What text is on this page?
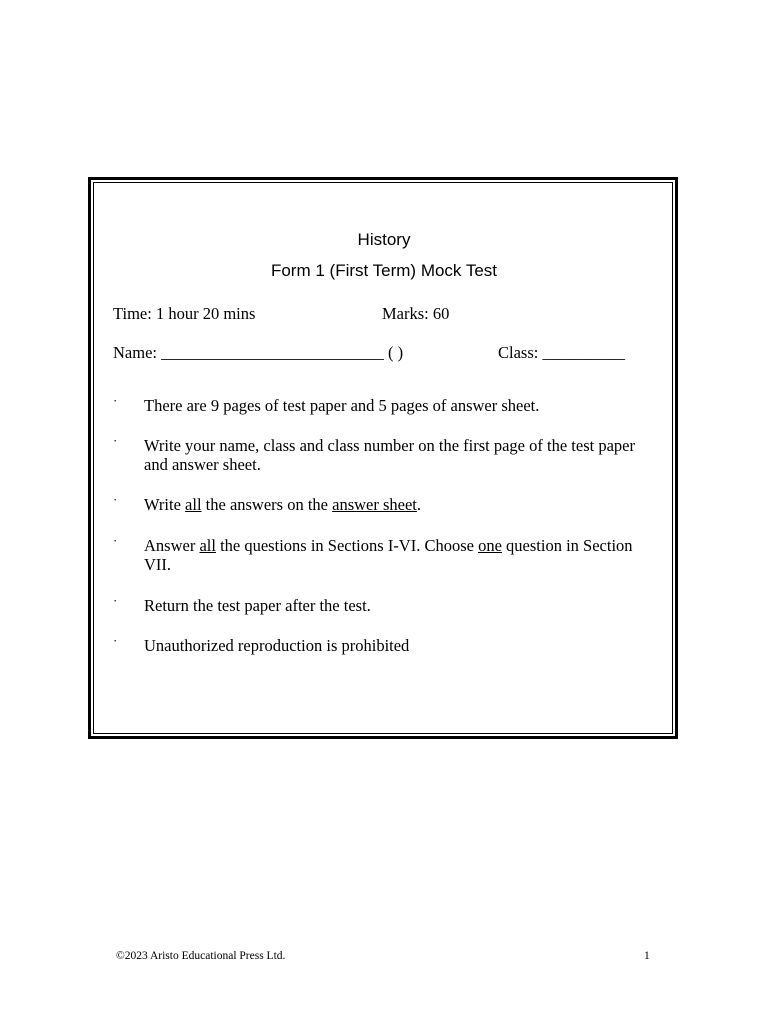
History
Form 1 (First Term) Mock Test
Time: 1 hour 20 mins	Marks: 60
Name: ___________________________ ( )	Class: __________
· There are 9 pages of test paper and 5 pages of answer sheet.
· Write your name, class and class number on the first page of the test paper and answer sheet.
· Write all the answers on the answer sheet.
· Answer all the questions in Sections I-VI. Choose one question in Section VII.
· Return the test paper after the test.
· Unauthorized reproduction is prohibited
©2023 Aristo Educational Press Ltd.	1
